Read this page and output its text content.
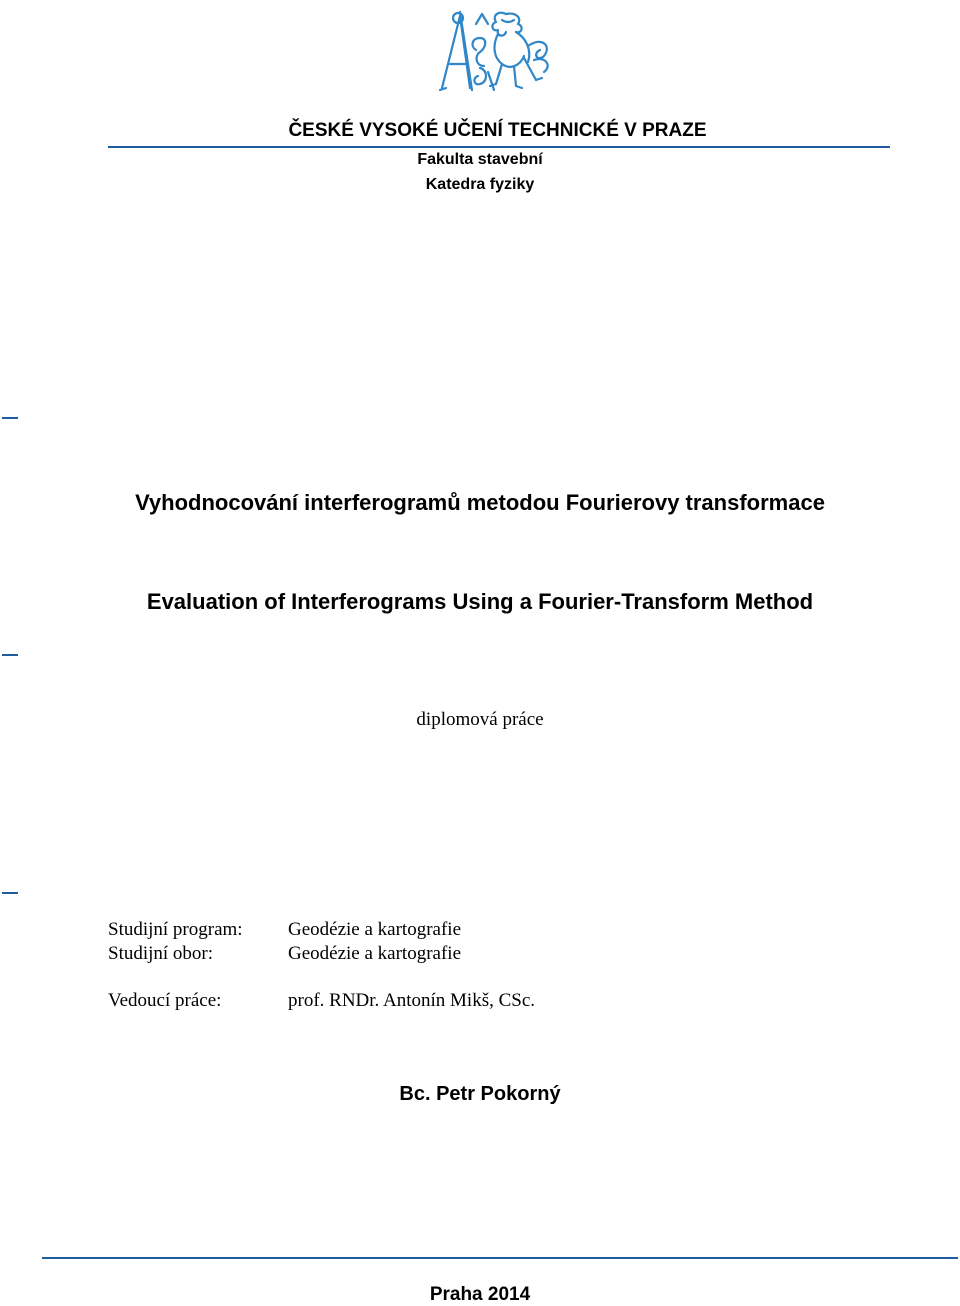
ČESKÉ VYSOKÉ UČENÍ TECHNICKÉ V PRAZE
Fakulta stavební
Katedra fyziky
Vyhodnocování interferogramů metodou Fourierovy transformace
Evaluation of Interferograms Using a Fourier-Transform Method
diplomová práce
Studijní program: Geodézie a kartografie
Studijní obor:	Geodézie a kartografie
Vedoucí práce:	prof. RNDr. Antonín Mikš, CSc.
Bc. Petr Pokorný
Praha 2014
